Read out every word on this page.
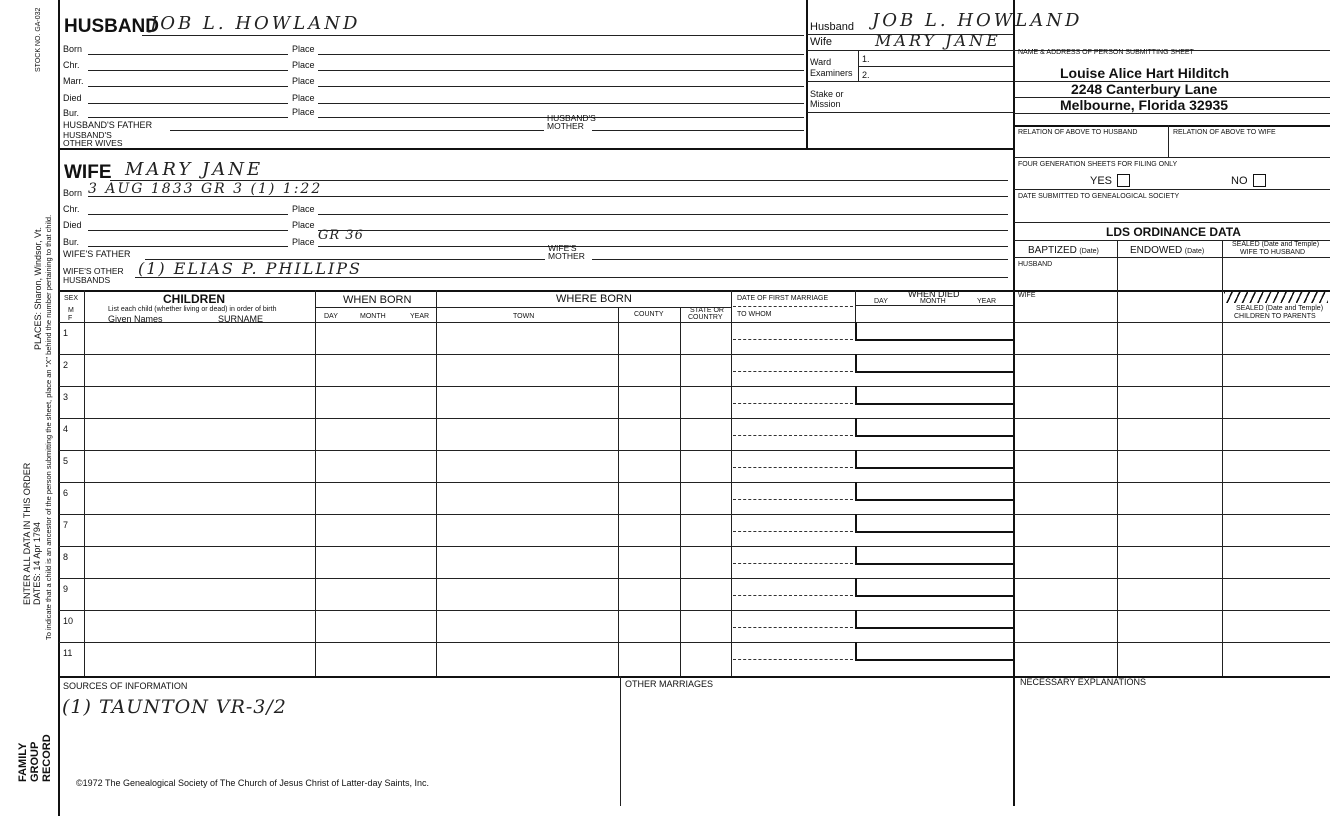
STOCK NO. GA-032
PLACES: Sharon, Windsor, Vt. To indicate that a child is an ancestor of the person submitting the sheet, place an "X" behind the number pertaining to that child.
ENTER ALL DATA IN THIS ORDER DATES: 14 Apr 1794
FAMILY GROUP RECORD
HUSBAND
JOB L. HOWLAND
Born	Place
Chr.	Place
Marr.	Place
Died	Place
Bur.	Place
HUSBAND'S FATHER
HUSBAND'S MOTHER
HUSBAND'S OTHER WIVES
WIFE MARY JANE
Born 3 AUG 1833 GR 3 (1) 1:22
Chr.	Place
Died	Place
Bur.	Place GR 36
WIFE'S FATHER
WIFE'S MOTHER
WIFE'S OTHER HUSBANDS
(1) ELIAS P. PHILLIPS
Husband JOB L. HOWLAND
Wife	MARY JANE
Ward
Examiners
1.
2.
Stake or
Mission
NAME & ADDRESS OF PERSON SUBMITTING SHEET
Louise Alice Hart Hilditch
2248 Canterbury Lane
Melbourne, Florida 32935
RELATION OF ABOVE TO HUSBAND	RELATION OF ABOVE TO WIFE
FOUR GENERATION SHEETS FOR FILING ONLY
YES	NO
DATE SUBMITTED TO GENEALOGICAL SOCIETY
LDS ORDINANCE DATA
BAPTIZED (Date)	ENDOWED (Date)
SEALED (Date and Temple)
WIFE TO HUSBAND
HUSBAND
WIFE
SEALED (Date and Temple)
CHILDREN TO PARENTS
SEX
M
F
CHILDREN
List each child (whether living or dead) in order of birth
Given Names	SURNAME
WHEN BORN
DAY	MONTH	YEAR
WHERE BORN
TOWN	COUNTY
STATE OR
COUNTRY
DATE OF FIRST MARRIAGE
TO WHOM
WHEN DIED
DAY	MONTH	YEAR
1
2
3
4
5
6
7
8
9
10
11
SOURCES OF INFORMATION
(1) TAUNTON VR-3/2
OTHER MARRIAGES	NECESSARY EXPLANATIONS
©1972 The Genealogical Society of The Church of Jesus Christ of Latter-day Saints, Inc.
